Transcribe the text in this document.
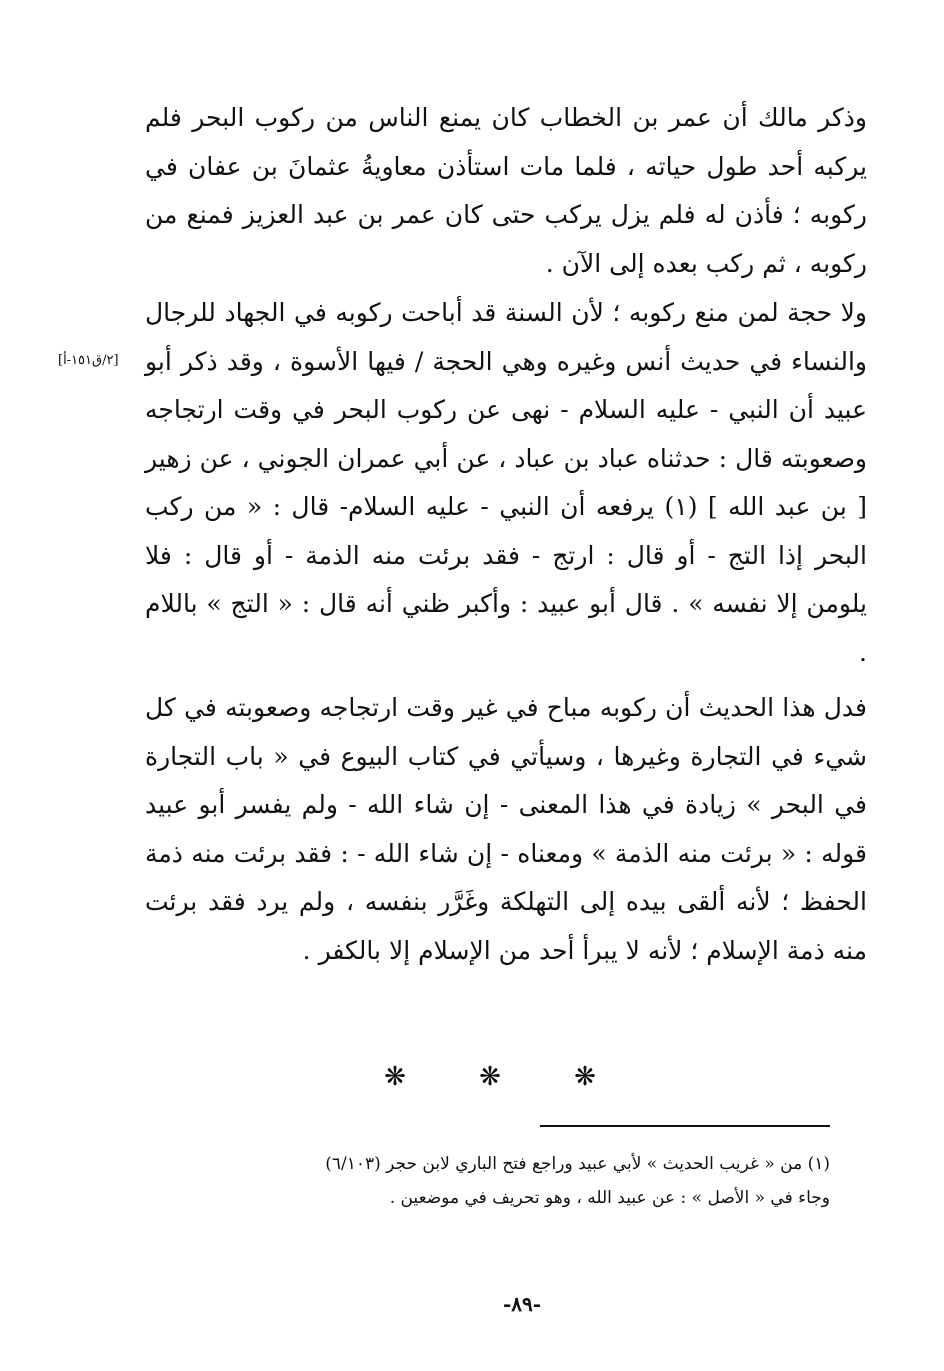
وذكر مالك أن عمر بن الخطاب كان يمنع الناس من ركوب البحر فلم يركبه أحد طول حياته ، فلما مات استأذن معاويةُ عثمانَ بن عفان في ركوبه ؛ فأذن له فلم يزل يركب حتى كان عمر بن عبد العزيز فمنع من ركوبه ، ثم ركب بعده إلى الآن .

ولا حجة لمن منع ركوبه ؛ لأن السنة قد أباحت ركوبه في الجهاد للرجال والنساء في حديث أنس وغيره وهي الحجة / فيها الأسوة ، وقد ذكر أبو عبيد أن النبي - عليه السلام - نهى عن ركوب البحر في وقت ارتجاجه وصعوبته قال : حدثناه عباد بن عباد ، عن أبي عمران الجوني ، عن زهير [ بن عبد الله ] (١) يرفعه أن النبي - عليه السلام- قال : « من ركب البحر إذا التج - أو قال : ارتج - فقد برئت منه الذمة - أو قال : فلا يلومن إلا نفسه » . قال أبو عبيد : وأكبر ظني أنه قال : « التج » باللام .

[٢/ق١٥١-أ]

فدل هذا الحديث أن ركوبه مباح في غير وقت ارتجاجه وصعوبته في كل شيء في التجارة وغيرها ، وسيأتي في كتاب البيوع في « باب التجارة في البحر » زيادة في هذا المعنى - إن شاء الله - ولم يفسر أبو عبيد قوله : « برئت منه الذمة » ومعناه - إن شاء الله - : فقد برئت منه ذمة الحفظ ؛ لأنه ألقى بيده إلى التهلكة وغَرَّر بنفسه ، ولم يرد فقد برئت منه ذمة الإسلام ؛ لأنه لا يبرأ أحد من الإسلام إلا بالكفر .

❋	❋	❋
(١) من « غريب الحديث » لأبي عبيد وراجع فتح الباري لابن حجر (٦/١٠٣)
وجاء في « الأصل » : عن عبيد الله ، وهو تحريف في موضعين .
-٨٩-
